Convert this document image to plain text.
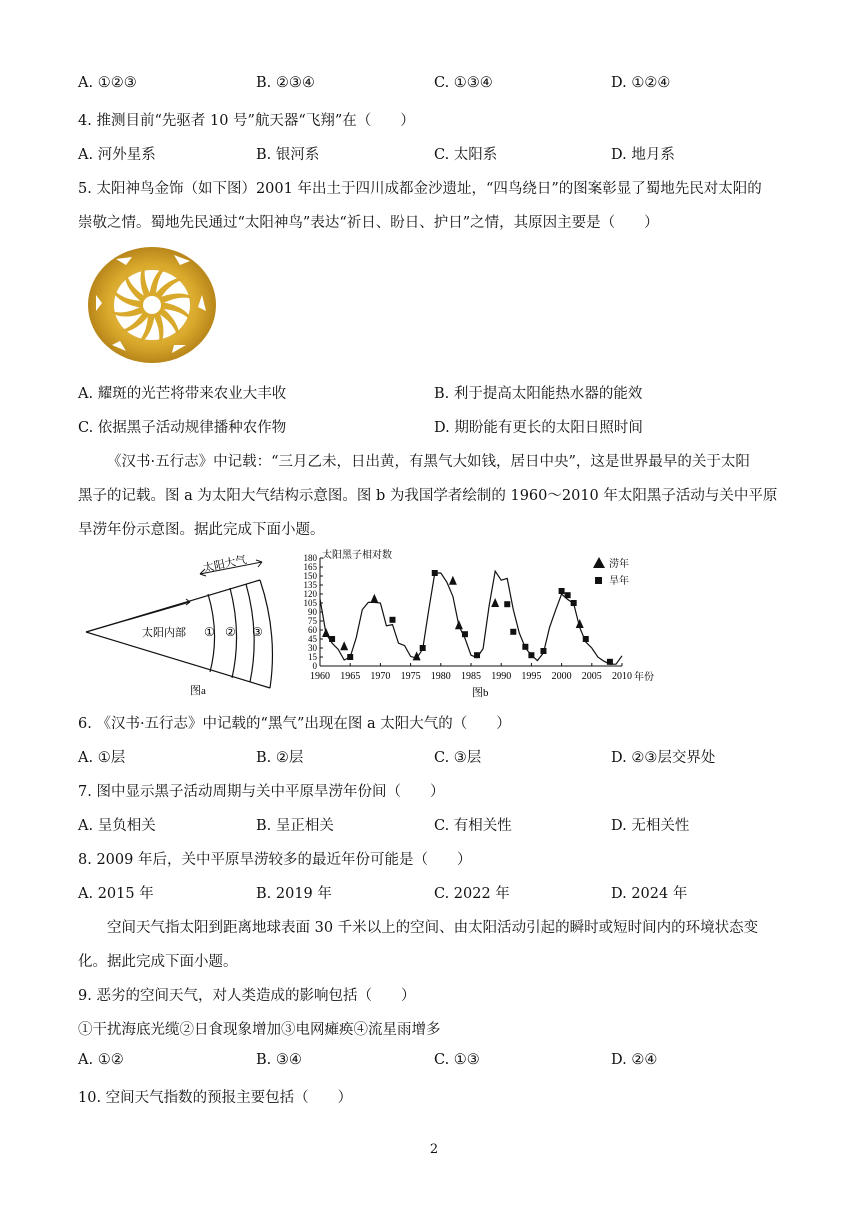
A. ①②③	B. ②③④	C. ①③④	D. ①②④
4. 推测目前“先驱者 10 号”航天器“飞翔”在（　　）
A. 河外星系	B. 银河系	C. 太阳系	D. 地月系
5. 太阳神鸟金饰（如下图）2001 年出土于四川成都金沙遗址，“四鸟绕日”的图案彰显了蜀地先民对太阳的
崇敬之情。蜀地先民通过“太阳神鸟”表达“祈日、盼日、护日”之情，其原因主要是（　　）
A. 耀斑的光芒将带来农业大丰收	B. 利于提高太阳能热水器的能效
C. 依据黑子活动规律播种农作物	D. 期盼能有更长的太阳日照时间
《汉书·五行志》中记载：“三月乙未，日出黄，有黑气大如钱，居日中央”，这是世界最早的关于太阳
黑子的记载。图 a 为太阳大气结构示意图。图 b 为我国学者绘制的 1960～2010 年太阳黑子活动与关中平原
旱涝年份示意图。据此完成下面小题。
太阳大气
太阳内部 ① ② ③
图a
1960 1965 1970 1975 1980 1985 1990 1995 2000 2005 2010
0
15
30
45
60
75
90
105
120
135
150
165
180 太阳黑子相对数
年份
图b
涝年
旱年
6. 《汉书·五行志》中记载的“黑气”出现在图 a 太阳大气的（　　）
A. ①层	B. ②层	C. ③层	D. ②③层交界处
7. 图中显示黑子活动周期与关中平原旱涝年份间（　　）
A. 呈负相关	B. 呈正相关	C. 有相关性	D. 无相关性
8. 2009 年后，关中平原旱涝较多的最近年份可能是（　　）
A. 2015 年	B. 2019 年	C. 2022 年	D. 2024 年
空间天气指太阳到距离地球表面 30 千米以上的空间、由太阳活动引起的瞬时或短时间内的环境状态变
化。据此完成下面小题。
9. 恶劣的空间天气，对人类造成的影响包括（　　）
①干扰海底光缆②日食现象增加③电网瘫痪④流星雨增多
A. ①②	B. ③④	C. ①③	D. ②④
10. 空间天气指数的预报主要包括（　　）
2
